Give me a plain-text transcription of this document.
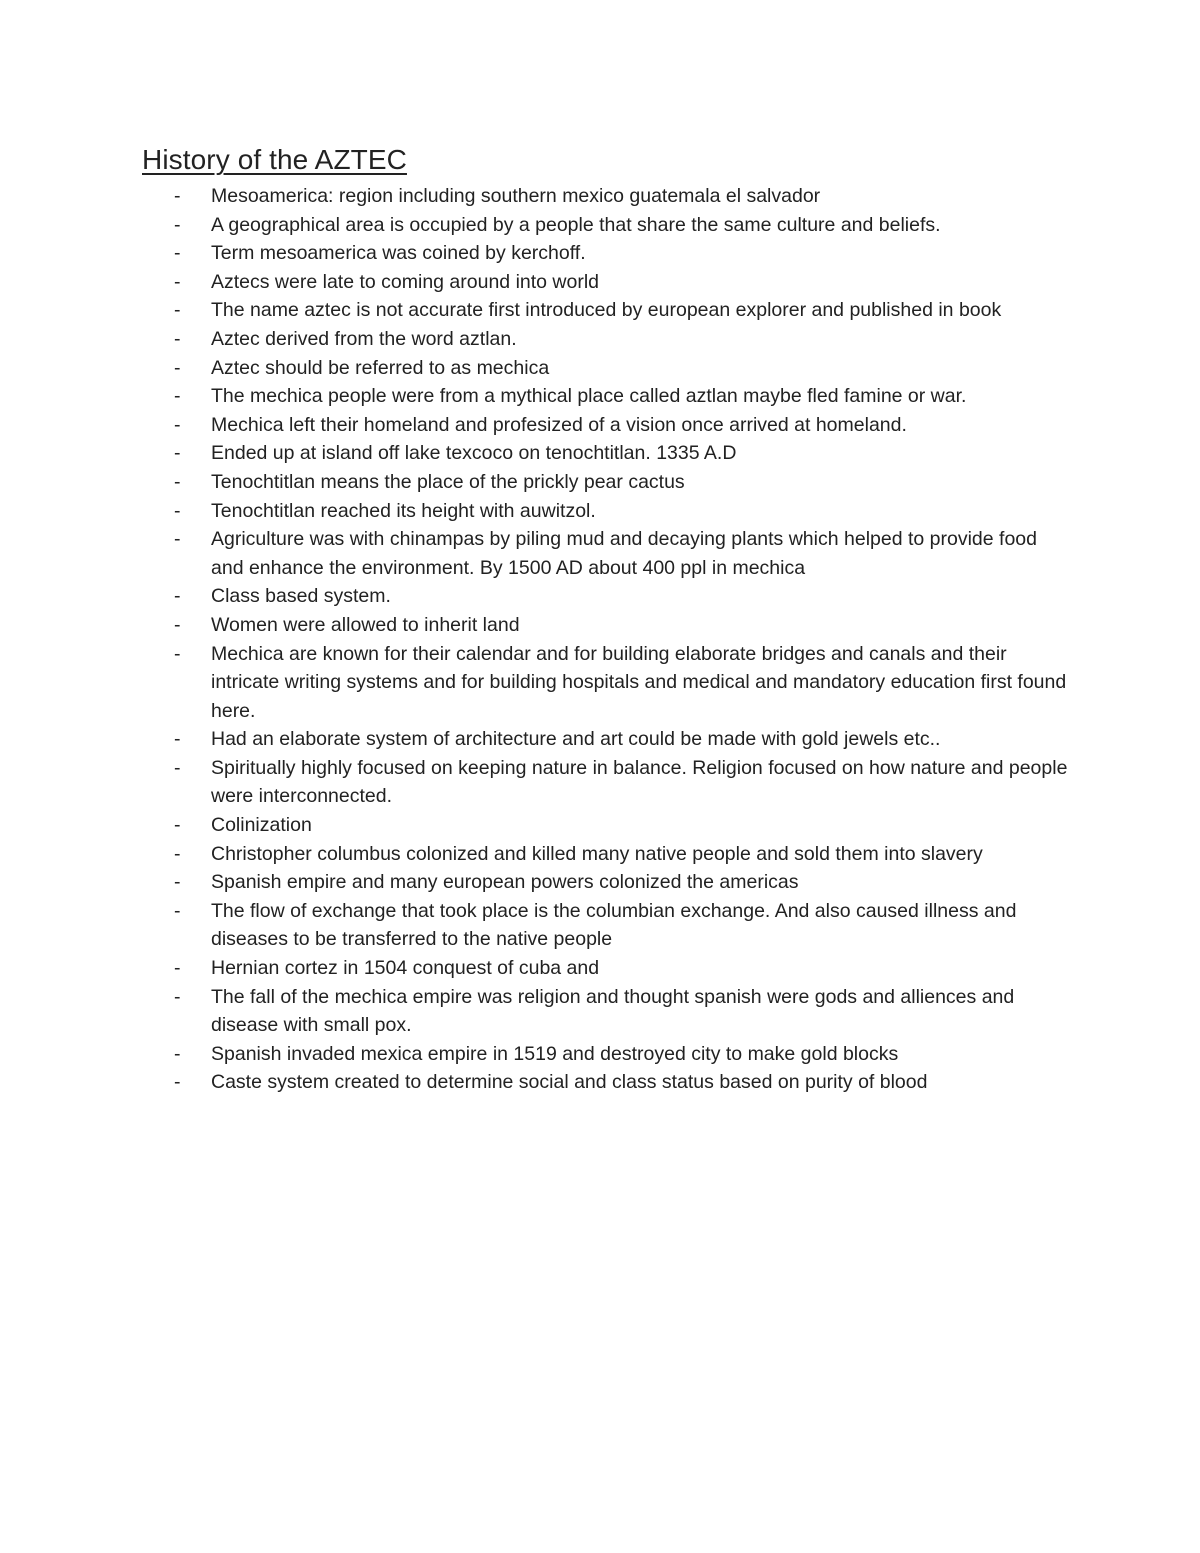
History of the AZTEC
-	Mesoamerica: region including southern mexico guatemala el salvador
-	A geographical area is occupied by a people that share the same culture and beliefs.
-	Term mesoamerica was coined by kerchoff.
-	Aztecs were late to coming around into world
-	The name aztec is not accurate first introduced by european explorer and published in book
-	Aztec derived from the word aztlan.
-	Aztec should be referred to as mechica
-	The mechica people were from a mythical place called aztlan maybe fled famine or war.
-	Mechica left their homeland and profesized of a vision once arrived at homeland.
-	Ended up at island off lake texcoco on tenochtitlan. 1335 A.D
-	Tenochtitlan means the place of the prickly pear cactus
-	Tenochtitlan reached its height with auwitzol.
-	Agriculture was with chinampas by piling mud and decaying plants which helped to provide food and enhance the environment. By 1500 AD about 400 ppl in mechica
-	Class based system.
-	Women were allowed to inherit land
-	Mechica are known for their calendar and for building elaborate bridges and canals and their intricate writing systems and for building hospitals and medical and mandatory education first found here.
-	Had an elaborate system of architecture and art could be made with gold jewels etc..
-	Spiritually highly focused on keeping nature in balance. Religion focused on how nature and people were interconnected.
-	Colinization
-	Christopher columbus colonized and killed many native people and sold them into slavery
-	Spanish empire and many european powers colonized the americas
-	The flow of exchange that took place is the columbian exchange. And also caused illness and diseases to be transferred to the native people
-	Hernian cortez in 1504 conquest of cuba and
-	The fall of the mechica empire was religion and thought spanish were gods and alliences and disease with small pox.
-	Spanish invaded mexica empire in 1519 and destroyed city to make gold blocks
-	Caste system created to determine social and class status based on purity of blood
